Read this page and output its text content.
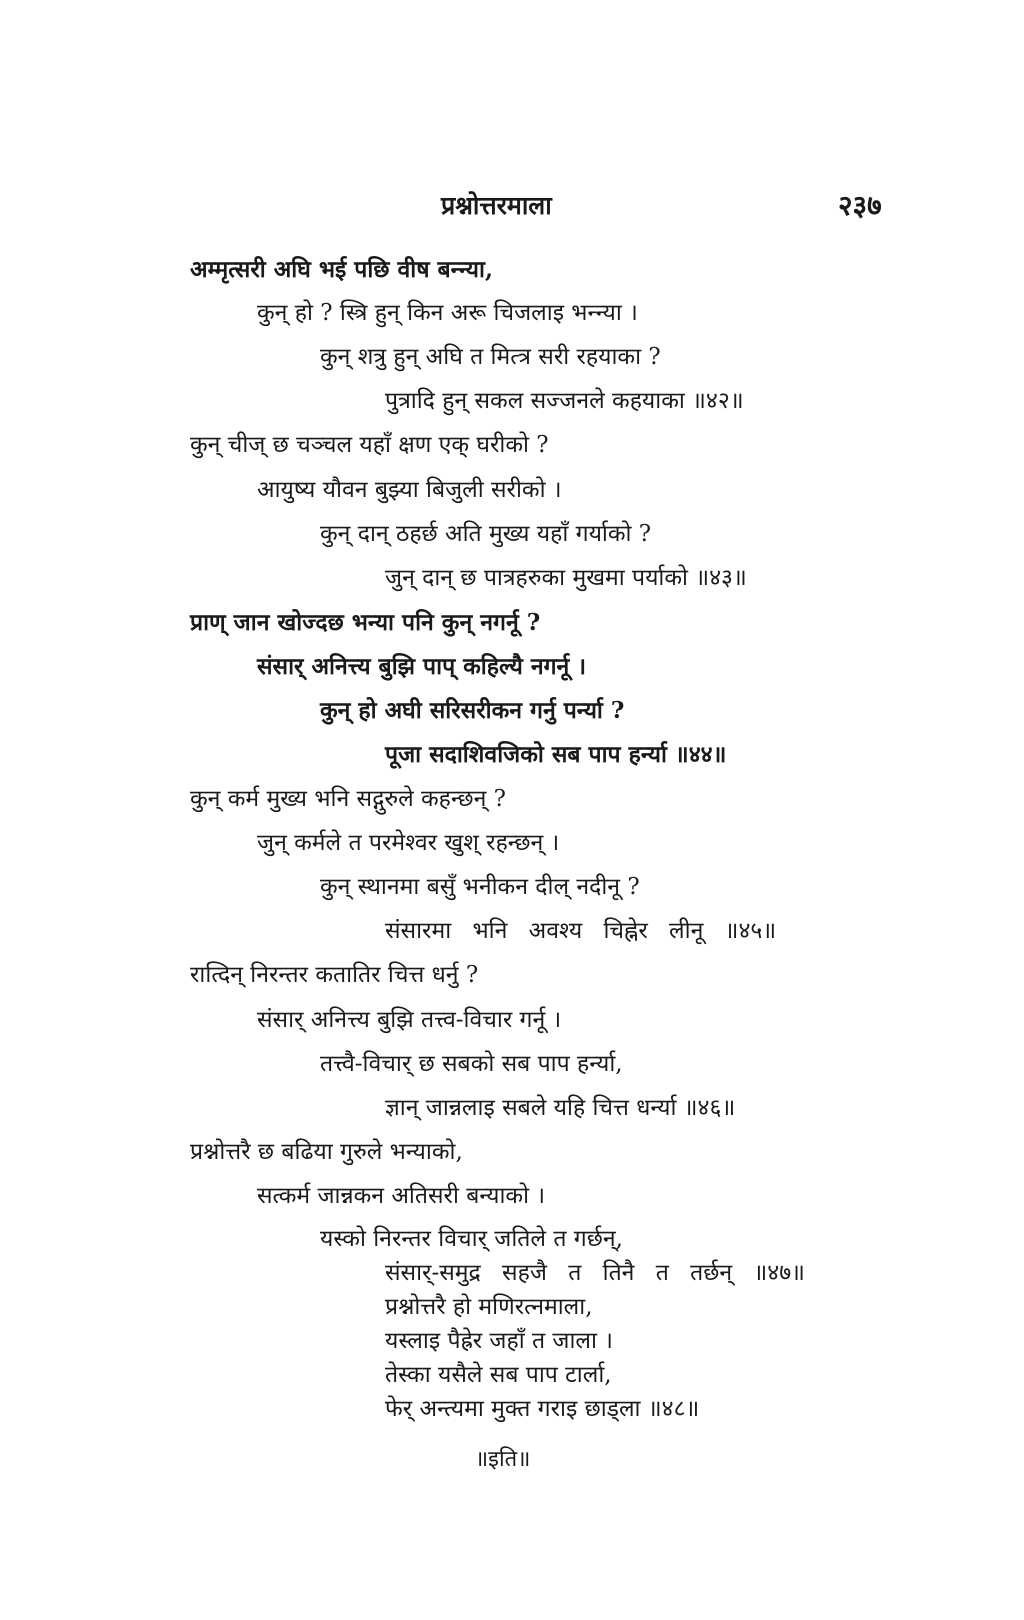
प्रश्नोत्तरमाला	२३७
अम्मृत्सरी अघि भई पछि वीष बन्न्या,
कुन् हो ? स्त्रि हुन् किन अरू चिजलाइ भन्न्या ।
कुन् शत्रु हुन् अघि त मित्त्र सरी रहयाका ?
पुत्रादि हुन् सकल सज्जनले कहयाका ॥४२॥
कुन् चीज् छ चञ्चल यहाँ क्षण एक् घरीको ?
आयुष्य यौवन बुझ्या बिजुली सरीको ।
कुन् दान् ठहर्छ अति मुख्य यहाँ गर्याको ?
जुन् दान् छ पात्रहरुका मुखमा पर्याको ॥४३॥
प्राण् जान खोज्दछ भन्या पनि कुन् नगर्नू ?
संसार् अनित्त्य बुझि पाप् कहिल्यै नगर्नू ।
कुन् हो अघी सरिसरीकन गर्नु पर्न्या ?
पूजा सदाशिवजिको सब पाप हर्न्या ॥४४॥
कुन् कर्म मुख्य भनि सद्गुरुले कहन्छन् ?
जुन् कर्मले त परमेश्वर खुश् रहन्छन् ।
कुन् स्थानमा बसुँ भनीकन दील् नदीनू ?
संसारमा भनि अवश्य चिह्नेर लीनू ॥४५॥
रात्दिन् निरन्तर कतातिर चित्त धर्नु ?
संसार् अनित्त्य बुझि तत्त्व-विचार गर्नू ।
तत्त्वै-विचार् छ सबको सब पाप हर्न्या,
ज्ञान् जान्नलाइ सबले यहि चित्त धर्न्या ॥४६॥
प्रश्नोत्तरै छ बढिया गुरुले भन्याको,
सत्कर्म जान्नकन अतिसरी बन्याको ।
यस्को निरन्तर विचार् जतिले त गर्छन्,
संसार्-समुद्र सहजै त तिनै त तर्छन् ॥४७॥
प्रश्नोत्तरै हो मणिरत्नमाला,
यस्लाइ पैह्रेर जहाँ त जाला ।
तेस्का यसैले सब पाप टार्ला,
फेर् अन्त्यमा मुक्त गराइ छाड्ला ॥४८॥
॥इति॥
